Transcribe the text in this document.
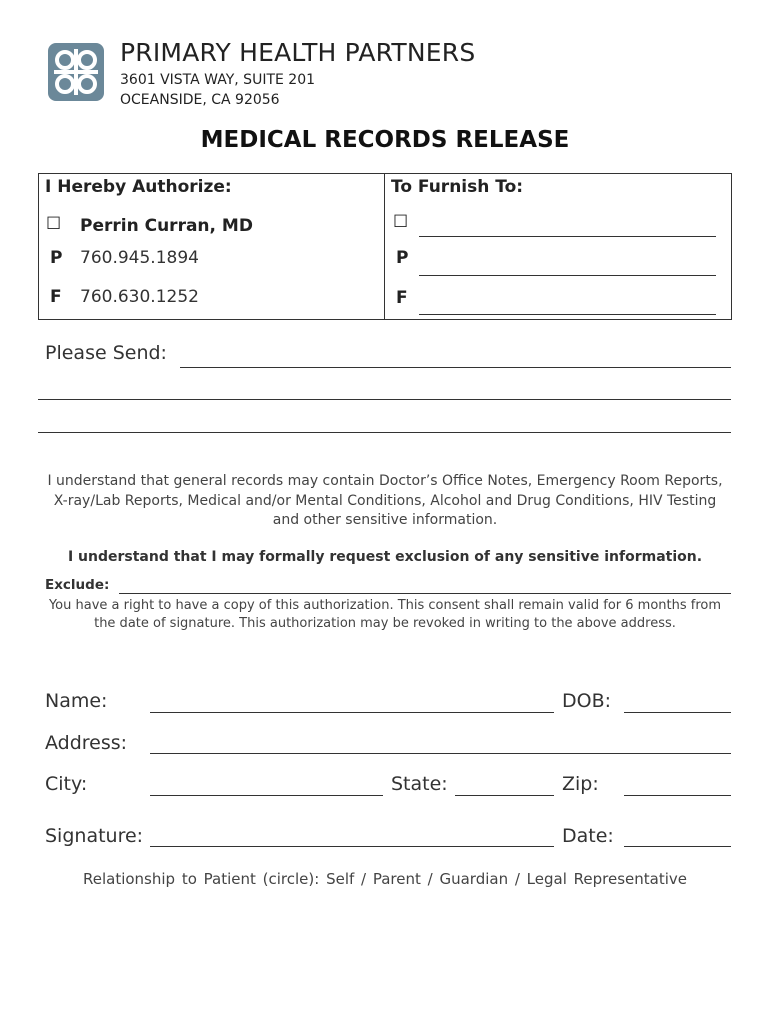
PRIMARY HEALTH PARTNERS
3601 VISTA WAY, SUITE 201
OCEANSIDE, CA 92056
MEDICAL RECORDS RELEASE
I Hereby Authorize:
☐ Perrin Curran, MD
P 760.945.1894
F 760.630.1252
To Furnish To:
☐
P
F
Please Send:
I understand that general records may contain Doctor’s Office Notes, Emergency Room Reports, X-ray/Lab Reports, Medical and/or Mental Conditions, Alcohol and Drug Conditions, HIV Testing and other sensitive information.
I understand that I may formally request exclusion of any sensitive information.
Exclude:
You have a right to have a copy of this authorization. This consent shall remain valid for 6 months from the date of signature. This authorization may be revoked in writing to the above address.
Name:	DOB:
Address:
City:	State:	Zip:
Signature:	Date:
Relationship to Patient (circle): Self / Parent / Guardian / Legal Representative
